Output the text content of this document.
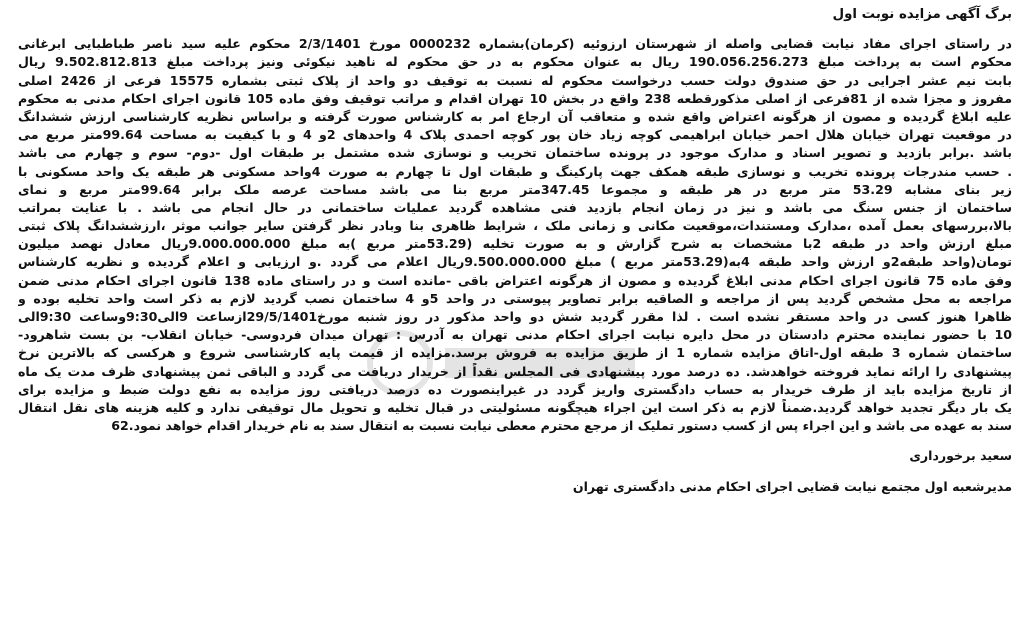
برگ آگهی مزایده نوبت اول
در راستای اجرای مفاد نیابت قضایی واصله از شهرستان ارزوئیه (کرمان)بشماره 0000232 مورخ 2/3/1401 محکوم علیه سید ناصر طباطبایی ابرغانی
محکوم است به پرداخت مبلغ 190.056.256.273 ریال به عنوان محکوم به در حق محکوم له ناهید نیکوئی ونیز پرداخت مبلغ 9.502.812.813 ریال
بابت نیم عشر اجرایی در حق صندوق دولت حسب درخواست محکوم له نسبت به توقیف دو واحد از پلاک ثبتی بشماره 15575 فرعی از 2426 اصلی
مفروز و مجزا شده از 81فرعی از اصلی مذکورقطعه 238 واقع در بخش 10 تهران اقدام و مراتب توقیف وفق ماده 105 قانون اجرای احکام مدنی به محکوم
علیه ابلاغ گردیده و مصون از هرگونه اعتراض واقع شده و متعاقب آن ارجاع امر به کارشناس صورت گرفته و براساس نظریه کارشناسی ارزش ششدانگ
در موقعیت تهران خیابان هلال احمر خیابان ابراهیمی کوچه زیاد خان پور کوچه احمدی پلاک 4 واحدهای 2و 4 و با کیفیت به مساحت 99.64متر مربع می
باشد .برابر بازدید و تصویر اسناد و مدارک موجود در پرونده ساختمان تخریب و نوسازی شده مشتمل بر طبقات اول -دوم- سوم و چهارم می باشد
. حسب مندرجات پرونده تخریب و نوسازی طبقه همکف جهت پارکینگ و طبقات اول تا چهارم به صورت 4واحد مسکونی هر طبقه یک واحد مسکونی با
زیر بنای مشابه 53.29 متر مربع در هر طبقه و مجموعا 347.45متر مربع بنا می باشد مساحت عرصه ملک برابر 99.64متر مربع و نمای
ساختمان از جنس سنگ می باشد و نیز در زمان انجام بازدید فنی مشاهده گردید عملیات ساختمانی در حال انجام می باشد . با عنایت بمراتب
بالا،بررسهای بعمل آمده ،مدارک ومستندات،موقعیت مکانی و زمانی ملک ، شرایط ظاهری بنا وبادر نظر گرفتن سایر جوانب موثر ،ارزششدانگ پلاک ثبتی
مبلغ ارزش واحد در طبقه 2با مشخصات به شرح گزارش و به صورت تخلیه (53.29متر مربع )به مبلغ 9.000.000.000ریال معادل نهصد میلیون
تومان(واحد طبقه2و ارزش واحد طبقه 4به(53.29متر مربع ) مبلغ 9.500.000.000ریال اعلام می گردد .و ارزیابی و اعلام گردیده و نظریه کارشناس
وفق ماده 75 قانون اجرای احکام مدنی ابلاغ گردیده و مصون از هرگونه اعتراض باقی -مانده است و در راستای ماده 138 قانون اجرای احکام مدنی ضمن
مراجعه به محل مشخص گردید پس از مراجعه و الصاقیه برابر تصاویر پیوستی در واحد 5و 4 ساختمان نصب گردید لازم به ذکر است واحد تخلیه بوده و
ظاهرا هنوز کسی در واحد مستقر نشده است . لذا مقرر گردید شش دو واحد مذکور در روز شنبه مورخ29/5/1401ازساعت 9الی9:30وساعت 9:30الی
10 با حضور نماینده محترم دادستان در محل دایره نیابت اجرای احکام مدنی تهران به آدرس : تهران میدان فردوسی- خیابان انقلاب- بن بست شاهرود-
ساختمان شماره 3 طبقه اول-اتاق مزایده شماره 1 از طریق مزایده به فروش برسد.مزایده از قیمت پایه کارشناسی شروع و هرکسی که بالاترین نرخ
پیشنهادی را ارائه نماید فروخته خواهدشد. ده درصد مورد پیشنهادی فی المجلس نقداً از خریدار دریافت می گردد و الباقی ثمن پیشنهادی ظرف مدت یک ماه
از تاریخ مزایده باید از طرف خریدار به حساب دادگستری واریز گردد در غیراینصورت ده درصد دریافتی روز مزایده به نفع دولت ضبط و مزایده برای
یک بار دیگر تجدید خواهد گردید.ضمناً لازم به ذکر است این اجراء هیچگونه مسئولیتی در قبال تخلیه و تحویل مال توقیفی ندارد و کلیه هزینه های نقل انتقال
سند به عهده می باشد و این اجراء پس از کسب دستور تملیک از مرجع محترم معطی نیابت نسبت به انتقال سند به نام خریدار اقدام خواهد نمود.62
سعید برخورداری
مدیرشعبه اول مجتمع نیابت قضایی اجرای احکام مدنی دادگستری تهران
